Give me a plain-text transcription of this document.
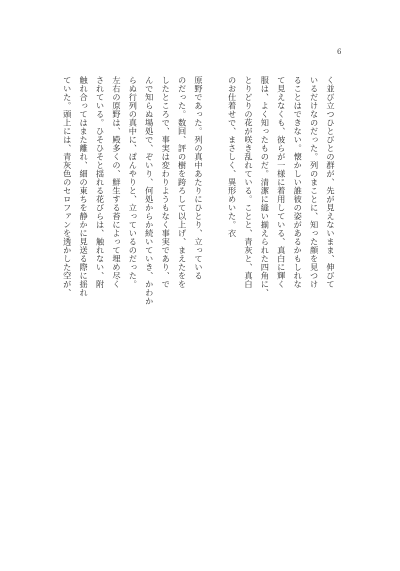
6
く並び立つひとびとの群が、先が見えないまま、伸びて
いるだけなのだった。列のまことに、知った顔を見つけ
ることはできない。懐かしい誰彼の姿があるかもしれな
て見えなくも、彼らが一様に着用している、真白に輝く
服は、よく知ったものだ。清潔に縫い揃えられた四角に、
とりどりの花が咲き乱れている。ことと、青灰と、真白
のお仕着せで、まさしく、異形めいた。衣
原野であった。列の真中あたりにひとり、立っている
のだった。数回、評の樹を跨ろして以上げ、まえたをを
したところで、事実は変わりようもなく事実であり、で
んで知らぬ場処で、ぞいり、何処からか続いていき、かわか
らぬ行列の真中に、ぽんやりと、立っているのだった。
左右の原野は、殿多くの、鮮生する苔によって埋め尽く
されている。ひそひそと揺れる花びらは、触れない、附
触れ合ってはまた離れ、細の東ちを静かに見送る際に揺れ
ていた。頭上には、青灰色のセロファンを透かした空が、
